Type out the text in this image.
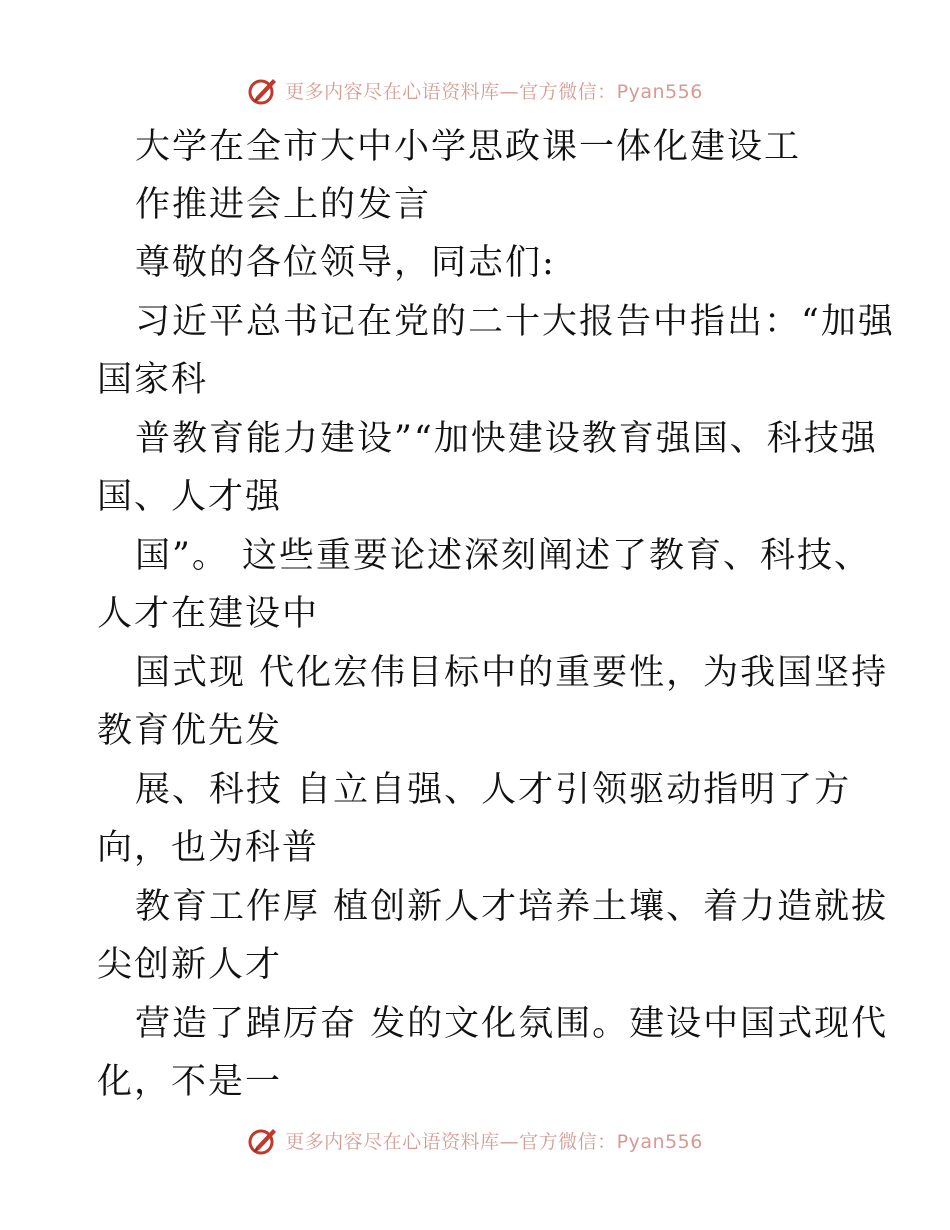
更多内容尽在心语资料库—官方微信：Pyan556
大学在全市大中小学思政课一体化建设工
作推进会上的发言
尊敬的各位领导，同志们:
习近平总书记在党的二十大报告中指出：“加强
国家科
普教育能力建设”“加快建设教育强国、科技强
国、人才强
国”。 这些重要论述深刻阐述了教育、科技、
人才在建设中
国式现 代化宏伟目标中的重要性，为我国坚持
教育优先发
展、科技 自立自强、人才引领驱动指明了方
向，也为科普
教育工作厚 植创新人才培养土壤、着力造就拔
尖创新人才
营造了踔厉奋 发的文化氛围。建设中国式现代
化，不是一
更多内容尽在心语资料库—官方微信：Pyan556
